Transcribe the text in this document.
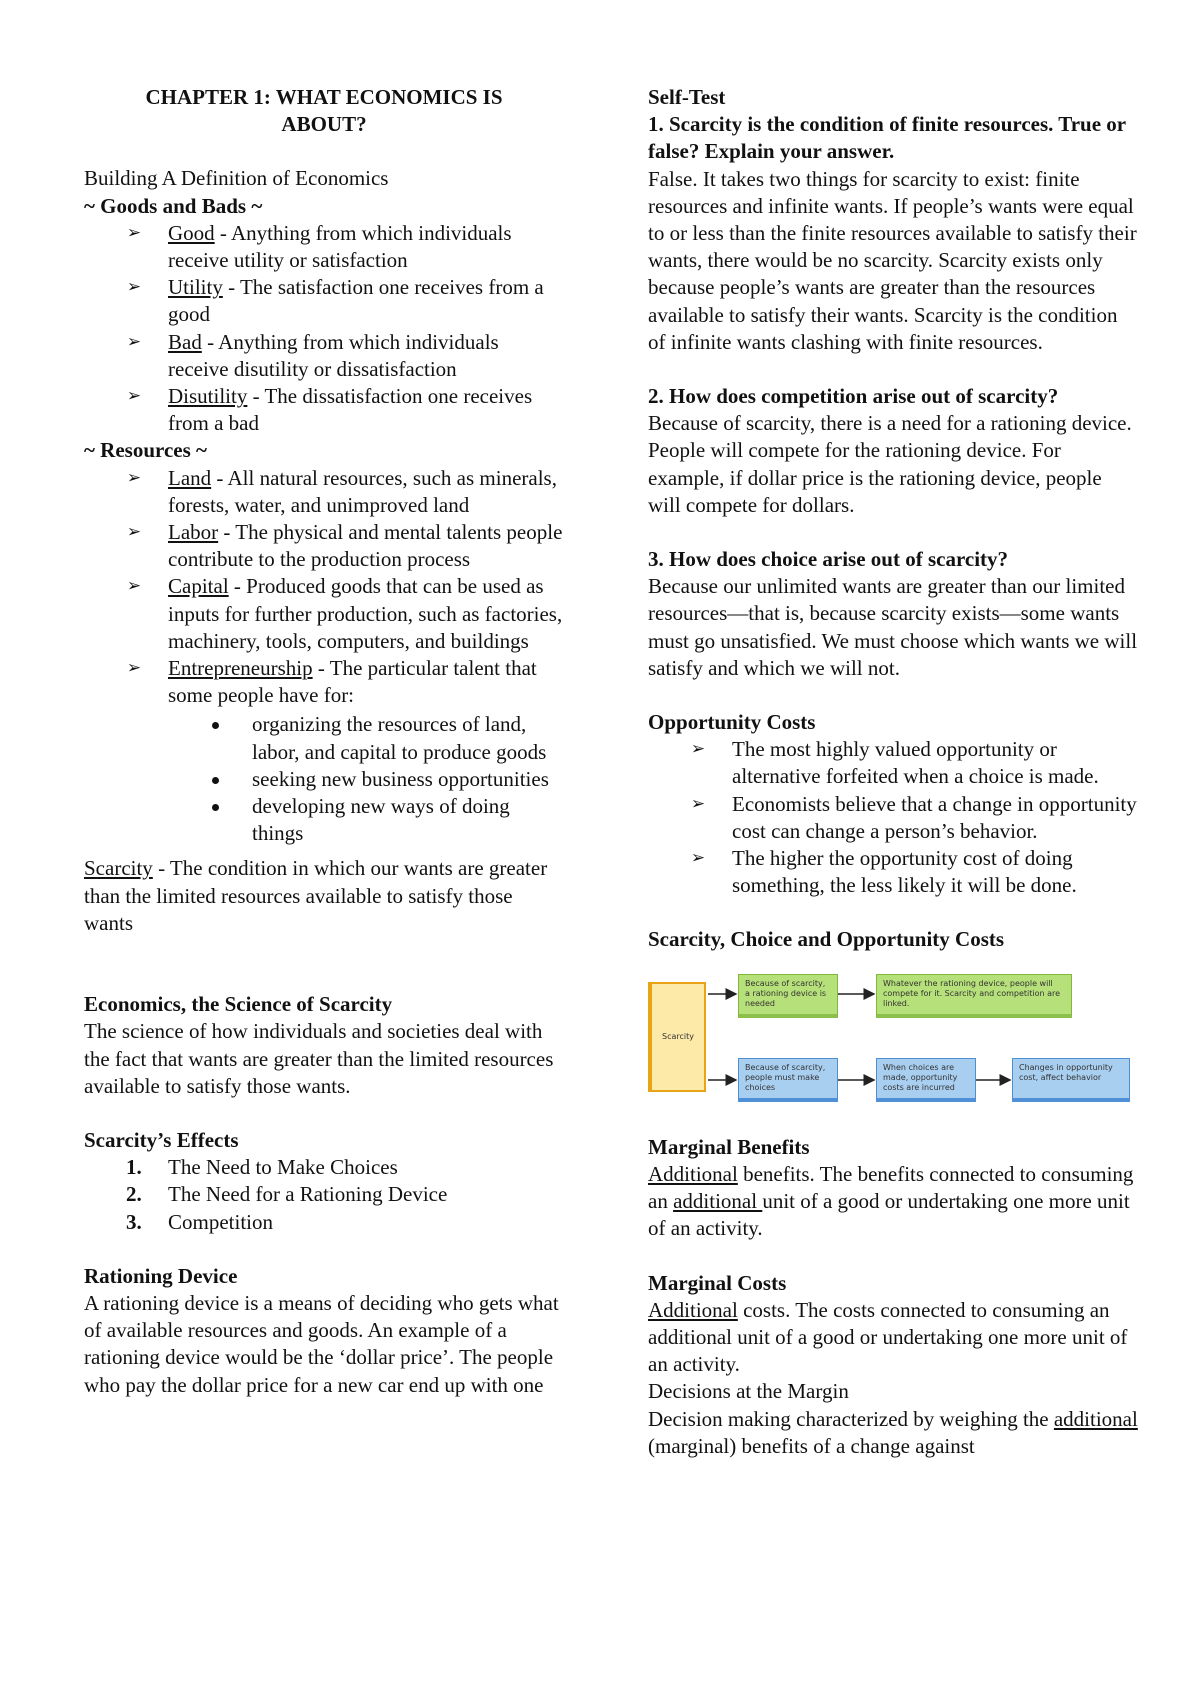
CHAPTER 1: WHAT ECONOMICS IS
ABOUT?

Building A Definition of Economics

~ Goods and Bads ~

➢ Good - Anything from which individuals receive utility or satisfaction
➢ Utility - The satisfaction one receives from a good
➢ Bad - Anything from which individuals receive disutility or dissatisfaction
➢ Disutility - The dissatisfaction one receives from a bad

~ Resources ~

➢ Land - All natural resources, such as minerals, forests, water, and unimproved land
➢ Labor - The physical and mental talents people contribute to the production process
➢ Capital - Produced goods that can be used as inputs for further production, such as factories, machinery, tools, computers, and buildings
➢ Entrepreneurship - The particular talent that some people have for:
organizing the resources of land, labor, and capital to produce goods
seeking new business opportunities
developing new ways of doing things

Scarcity - The condition in which our wants are greater than the limited resources available to satisfy those wants

Economics, the Science of Scarcity

The science of how individuals and societies deal with the fact that wants are greater than the limited resources available to satisfy those wants.

Scarcity’s Effects

1. The Need to Make Choices
2. The Need for a Rationing Device
3. Competition

Rationing Device

A rationing device is a means of deciding who gets what of available resources and goods. An example of a rationing device would be the ‘dollar price’. The people who pay the dollar price for a new car end up with one

Self-Test

1. Scarcity is the condition of finite resources. True or false? Explain your answer.

False. It takes two things for scarcity to exist: finite resources and infinite wants. If people’s wants were equal to or less than the finite resources available to satisfy their wants, there would be no scarcity. Scarcity exists only because people’s wants are greater than the resources available to satisfy their wants. Scarcity is the condition of infinite wants clashing with finite resources.

2. How does competition arise out of scarcity?

Because of scarcity, there is a need for a rationing device. People will compete for the rationing device. For example, if dollar price is the rationing device, people will compete for dollars.

3. How does choice arise out of scarcity?

Because our unlimited wants are greater than our limited resources—that is, because scarcity exists—some wants must go unsatisfied. We must choose which wants we will satisfy and which we will not.

Opportunity Costs

➢ The most highly valued opportunity or alternative forfeited when a choice is made.
➢ Economists believe that a change in opportunity cost can change a person’s behavior.
➢ The higher the opportunity cost of doing something, the less likely it will be done.

Scarcity, Choice and Opportunity Costs

Scarcity
Because of scarcity, a rationing device is needed
Whatever the rationing device, people will compete for it. Scarcity and competition are linked.
Because of scarcity, people must make choices
When choices are made, opportunity costs are incurred
Changes in opportunity cost, affect behavior

Marginal Benefits

Additional benefits. The benefits connected to consuming an additional unit of a good or undertaking one more unit of an activity.

Marginal Costs

Additional costs. The costs connected to consuming an additional unit of a good or undertaking one more unit of an activity.

Decisions at the Margin

Decision making characterized by weighing the additional (marginal) benefits of a change against
